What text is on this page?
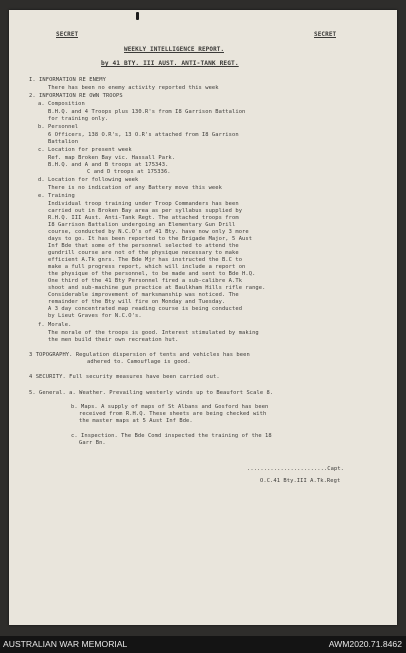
SECRET	SECRET
WEEKLY INTELLIGENCE REPORT.
by 41 BTY. III AUST. ANTI-TANK REGT.
I. INFORMATION RE ENEMY
There has been no enemy activity reported this week
2. INFORMATION RE OWN TROOPS
a. Composition
B.H.Q. and 4 Troops plus 130.R's from I8 Garrison Battalion
for training only.
b. Personnel
6 Officers, 138 O.R's, 13 O.R's attached from I8 Garrison
Battalion
c. Location for present week
Ref. map Broken Bay vic. Hassall Park.
B.H.Q. and A and B troops at 175343.
C and D troops at 175336.
d. Location for following week
There is no indication of any Battery move this week
e. Training
Individual troop training under Troop Commanders has been
carried out in Broken Bay area as per syllabus supplied by
R.H.Q. III Aust. Anti-Tank Regt. The attached troops from
I8 Garrison Battalion undergoing an Elementary Gun Drill
course, conducted by N.C.O's of 41 Bty. have now only 3 more
days to go. It has been reported to the Brigade Major, 5 Aust
Inf Bde that some of the personnel selected to attend the
gundrill course are not of the physique necessary to make
efficient A.Tk gnrs. The Bde Mjr has instructed the B.C to
make a full progress report, which will include a report on
the physique of the personnel, to be made and sent to Bde H.Q.
One third of the 41 Bty Personnel fired a sub-calibre A.Tk
shoot and sub-machine gun practice at Baulkham Hills rifle range.
Considerable improvement of marksmanship was noticed. The
remainder of the Bty will fire on Monday and Tuesday.
A 3 day concentrated map reading course is being conducted
by Lieut Graves for N.C.O's.
f. Morale.
The morale of the troops is good. Interest stimulated by making
the men build their own recreation hut.
3 TOPOGRAPHY. Regulation dispersion of tents and vehicles has been
adhered to. Camouflage is good.
4 SECURITY. Full security measures have been carried out.
5. General. a. Weather. Prevailing westerly winds up to Beaufort Scale 8.
b. Maps. A supply of maps of St Albans and Gosford has been
received from R.H.Q. These sheets are being checked with
the master maps at 5 Aust Inf Bde.
c. Inspection. The Bde Comd inspected the training of the 18
Garr Bn.
........................Capt.
O.C.41 Bty.III A.Tk.Regt
AUSTRALIAN WAR MEMORIAL	AWM2020.71.8462
